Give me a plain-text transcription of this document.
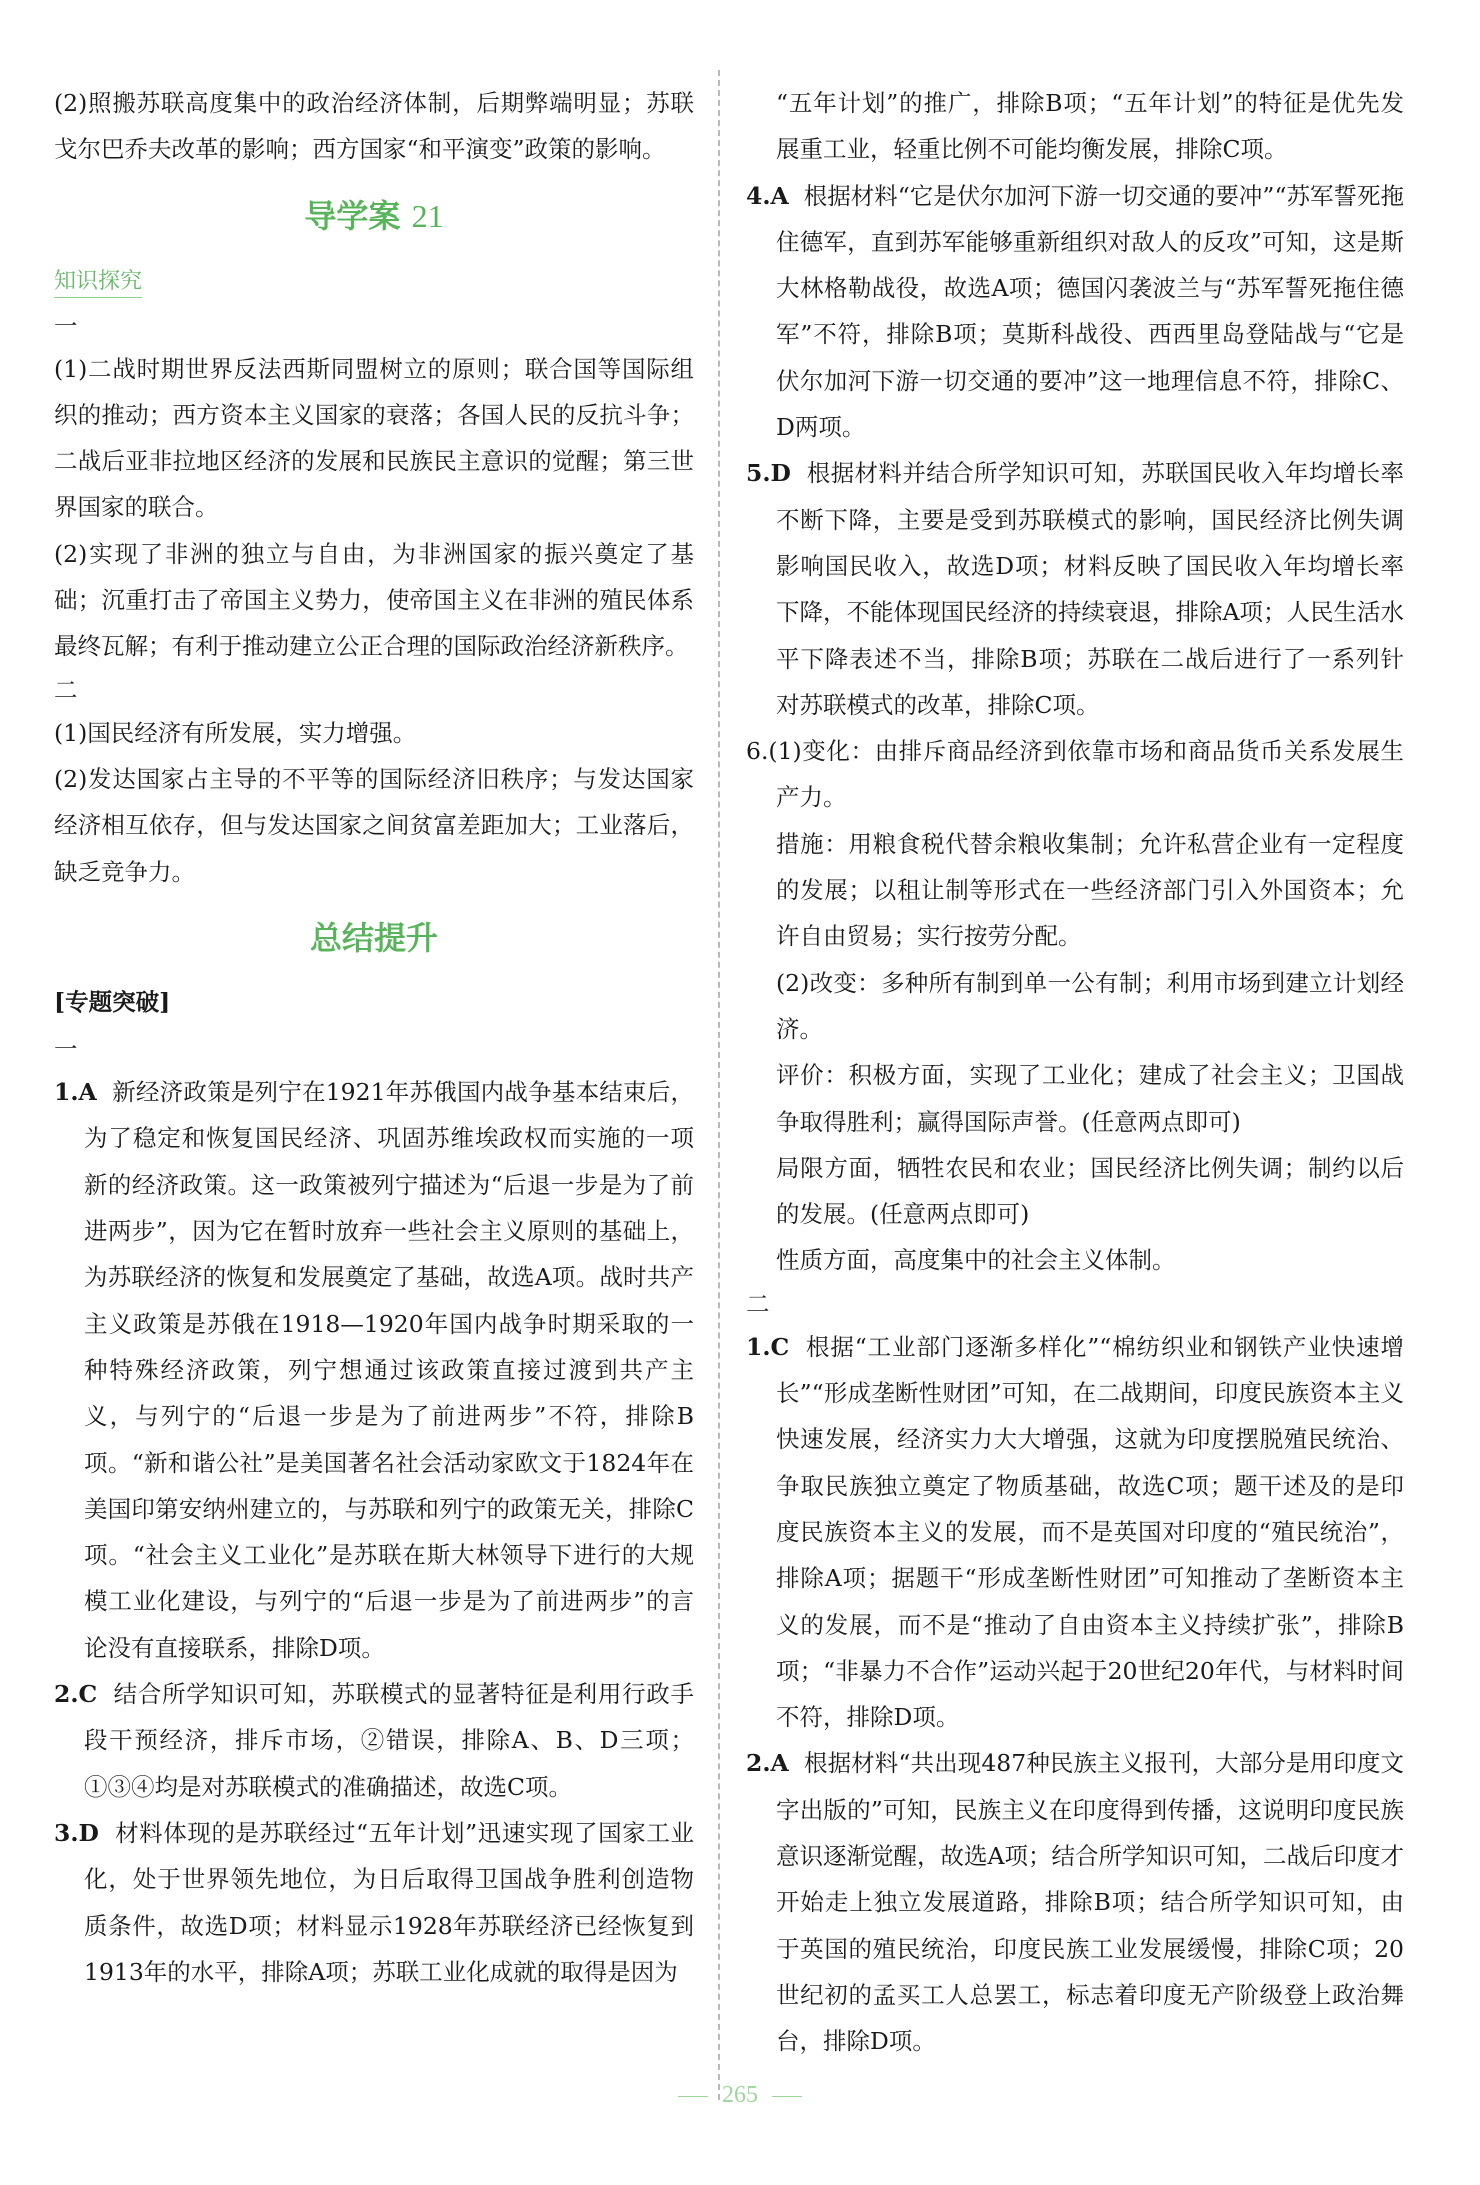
(2)照搬苏联高度集中的政治经济体制，后期弊端明显；苏联戈尔巴乔夫改革的影响；西方国家“和平演变”政策的影响。

导学案 21
知识探究

一

(1)二战时期世界反法西斯同盟树立的原则；联合国等国际组织的推动；西方资本主义国家的衰落；各国人民的反抗斗争；二战后亚非拉地区经济的发展和民族民主意识的觉醒；第三世界国家的联合。

(2)实现了非洲的独立与自由，为非洲国家的振兴奠定了基础；沉重打击了帝国主义势力，使帝国主义在非洲的殖民体系最终瓦解；有利于推动建立公正合理的国际政治经济新秩序。

二

(1)国民经济有所发展，实力增强。

(2)发达国家占主导的不平等的国际经济旧秩序；与发达国家经济相互依存，但与发达国家之间贫富差距加大；工业落后，缺乏竞争力。

总结提升

[专题突破]

一

1.A 新经济政策是列宁在1921年苏俄国内战争基本结束后，为了稳定和恢复国民经济、巩固苏维埃政权而实施的一项新的经济政策。这一政策被列宁描述为“后退一步是为了前进两步”，因为它在暂时放弃一些社会主义原则的基础上，为苏联经济的恢复和发展奠定了基础，故选A项。战时共产主义政策是苏俄在1918—1920年国内战争时期采取的一种特殊经济政策，列宁想通过该政策直接过渡到共产主义，与列宁的“后退一步是为了前进两步”不符，排除B项。“新和谐公社”是美国著名社会活动家欧文于1824年在美国印第安纳州建立的，与苏联和列宁的政策无关，排除C项。“社会主义工业化”是苏联在斯大林领导下进行的大规模工业化建设，与列宁的“后退一步是为了前进两步”的言论没有直接联系，排除D项。

2.C 结合所学知识可知，苏联模式的显著特征是利用行政手段干预经济，排斥市场，②错误，排除A、B、D三项；①③④均是对苏联模式的准确描述，故选C项。

3.D 材料体现的是苏联经过“五年计划”迅速实现了国家工业化，处于世界领先地位，为日后取得卫国战争胜利创造物质条件，故选D项；材料显示1928年苏联经济已经恢复到1913年的水平，排除A项；苏联工业化成就的取得是因为

“五年计划”的推广，排除B项；“五年计划”的特征是优先发展重工业，轻重比例不可能均衡发展，排除C项。

4.A 根据材料“它是伏尔加河下游一切交通的要冲”“苏军誓死拖住德军，直到苏军能够重新组织对敌人的反攻”可知，这是斯大林格勒战役，故选A项；德国闪袭波兰与“苏军誓死拖住德军”不符，排除B项；莫斯科战役、西西里岛登陆战与“它是伏尔加河下游一切交通的要冲”这一地理信息不符，排除C、D两项。

5.D 根据材料并结合所学知识可知，苏联国民收入年均增长率不断下降，主要是受到苏联模式的影响，国民经济比例失调影响国民收入，故选D项；材料反映了国民收入年均增长率下降，不能体现国民经济的持续衰退，排除A项；人民生活水平下降表述不当，排除B项；苏联在二战后进行了一系列针对苏联模式的改革，排除C项。

6.(1)变化：由排斥商品经济到依靠市场和商品货币关系发展生产力。

措施：用粮食税代替余粮收集制；允许私营企业有一定程度的发展；以租让制等形式在一些经济部门引入外国资本；允许自由贸易；实行按劳分配。

(2)改变：多种所有制到单一公有制；利用市场到建立计划经济。

评价：积极方面，实现了工业化；建成了社会主义；卫国战争取得胜利；赢得国际声誉。(任意两点即可)

局限方面，牺牲农民和农业；国民经济比例失调；制约以后的发展。(任意两点即可)

性质方面，高度集中的社会主义体制。

二

1.C 根据“工业部门逐渐多样化”“棉纺织业和钢铁产业快速增长”“形成垄断性财团”可知，在二战期间，印度民族资本主义快速发展，经济实力大大增强，这就为印度摆脱殖民统治、争取民族独立奠定了物质基础，故选C项；题干述及的是印度民族资本主义的发展，而不是英国对印度的“殖民统治”，排除A项；据题干“形成垄断性财团”可知推动了垄断资本主义的发展，而不是“推动了自由资本主义持续扩张”，排除B项；“非暴力不合作”运动兴起于20世纪20年代，与材料时间不符，排除D项。

2.A 根据材料“共出现487种民族主义报刊，大部分是用印度文字出版的”可知，民族主义在印度得到传播，这说明印度民族意识逐渐觉醒，故选A项；结合所学知识可知，二战后印度才开始走上独立发展道路，排除B项；结合所学知识可知，由于英国的殖民统治，印度民族工业发展缓慢，排除C项；20世纪初的孟买工人总罢工，标志着印度无产阶级登上政治舞台，排除D项。

265
